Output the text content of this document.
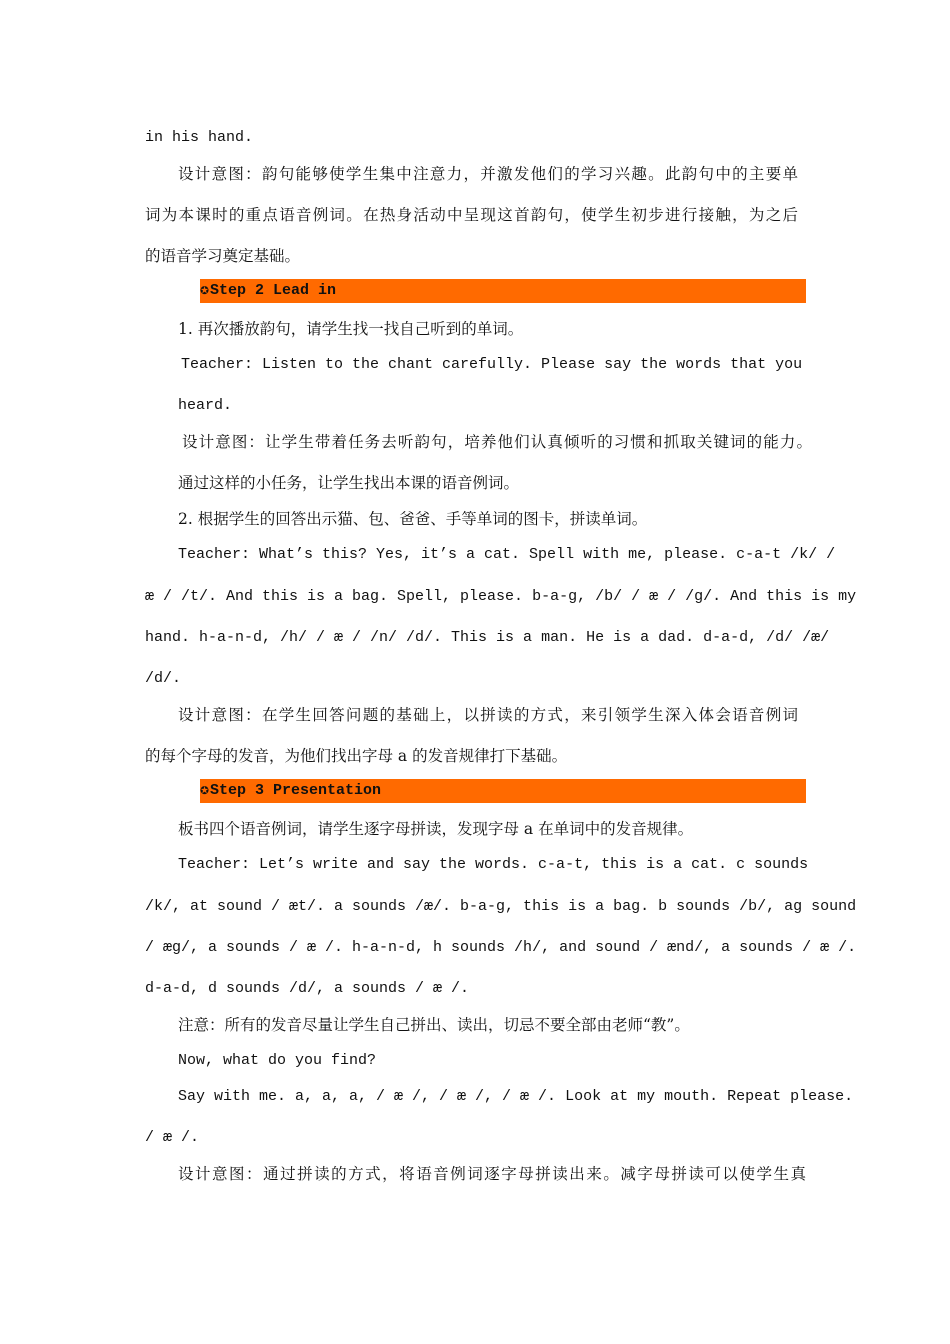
in his hand.
设计意图：韵句能够使学生集中注意力，并激发他们的学习兴趣。此韵句中的主要单
词为本课时的重点语音例词。在热身活动中呈现这首韵句，使学生初步进行接触，为之后
的语音学习奠定基础。
✪Step 2 Lead in
1. 再次播放韵句，请学生找一找自己听到的单词。
Teacher: Listen to the chant carefully. Please say the words that you
heard.
设计意图：让学生带着任务去听韵句，培养他们认真倾听的习惯和抓取关键词的能力。
通过这样的小任务，让学生找出本课的语音例词。
2. 根据学生的回答出示猫、包、爸爸、手等单词的图卡，拼读单词。
Teacher: What’s this? Yes, it’s a cat. Spell with me, please. c-a-t /k/ /
æ / /t/. And this is a bag. Spell, please. b-a-g, /b/ / æ / /g/. And this is my
hand. h-a-n-d, /h/ / æ / /n/ /d/. This is a man. He is a dad. d-a-d, /d/ /æ/
/d/.
设计意图：在学生回答问题的基础上，以拼读的方式，来引领学生深入体会语音例词
的每个字母的发音，为他们找出字母 a 的发音规律打下基础。
✪Step 3 Presentation
板书四个语音例词，请学生逐字母拼读，发现字母 a 在单词中的发音规律。
Teacher: Let’s write and say the words. c-a-t, this is a cat. c sounds
/k/, at sound / æt/. a sounds /æ/. b-a-g, this is a bag. b sounds /b/, ag sound
/ æg/, a sounds / æ /. h-a-n-d, h sounds /h/, and sound / ænd/, a sounds / æ /.
d-a-d, d sounds /d/, a sounds / æ /.
注意：所有的发音尽量让学生自己拼出、读出，切忌不要全部由老师“教”。
Now, what do you find?
Say with me. a, a, a, / æ /, / æ /, / æ /. Look at my mouth. Repeat please.
/ æ /.
设计意图：通过拼读的方式，将语音例词逐字母拼读出来。减字母拼读可以使学生真
